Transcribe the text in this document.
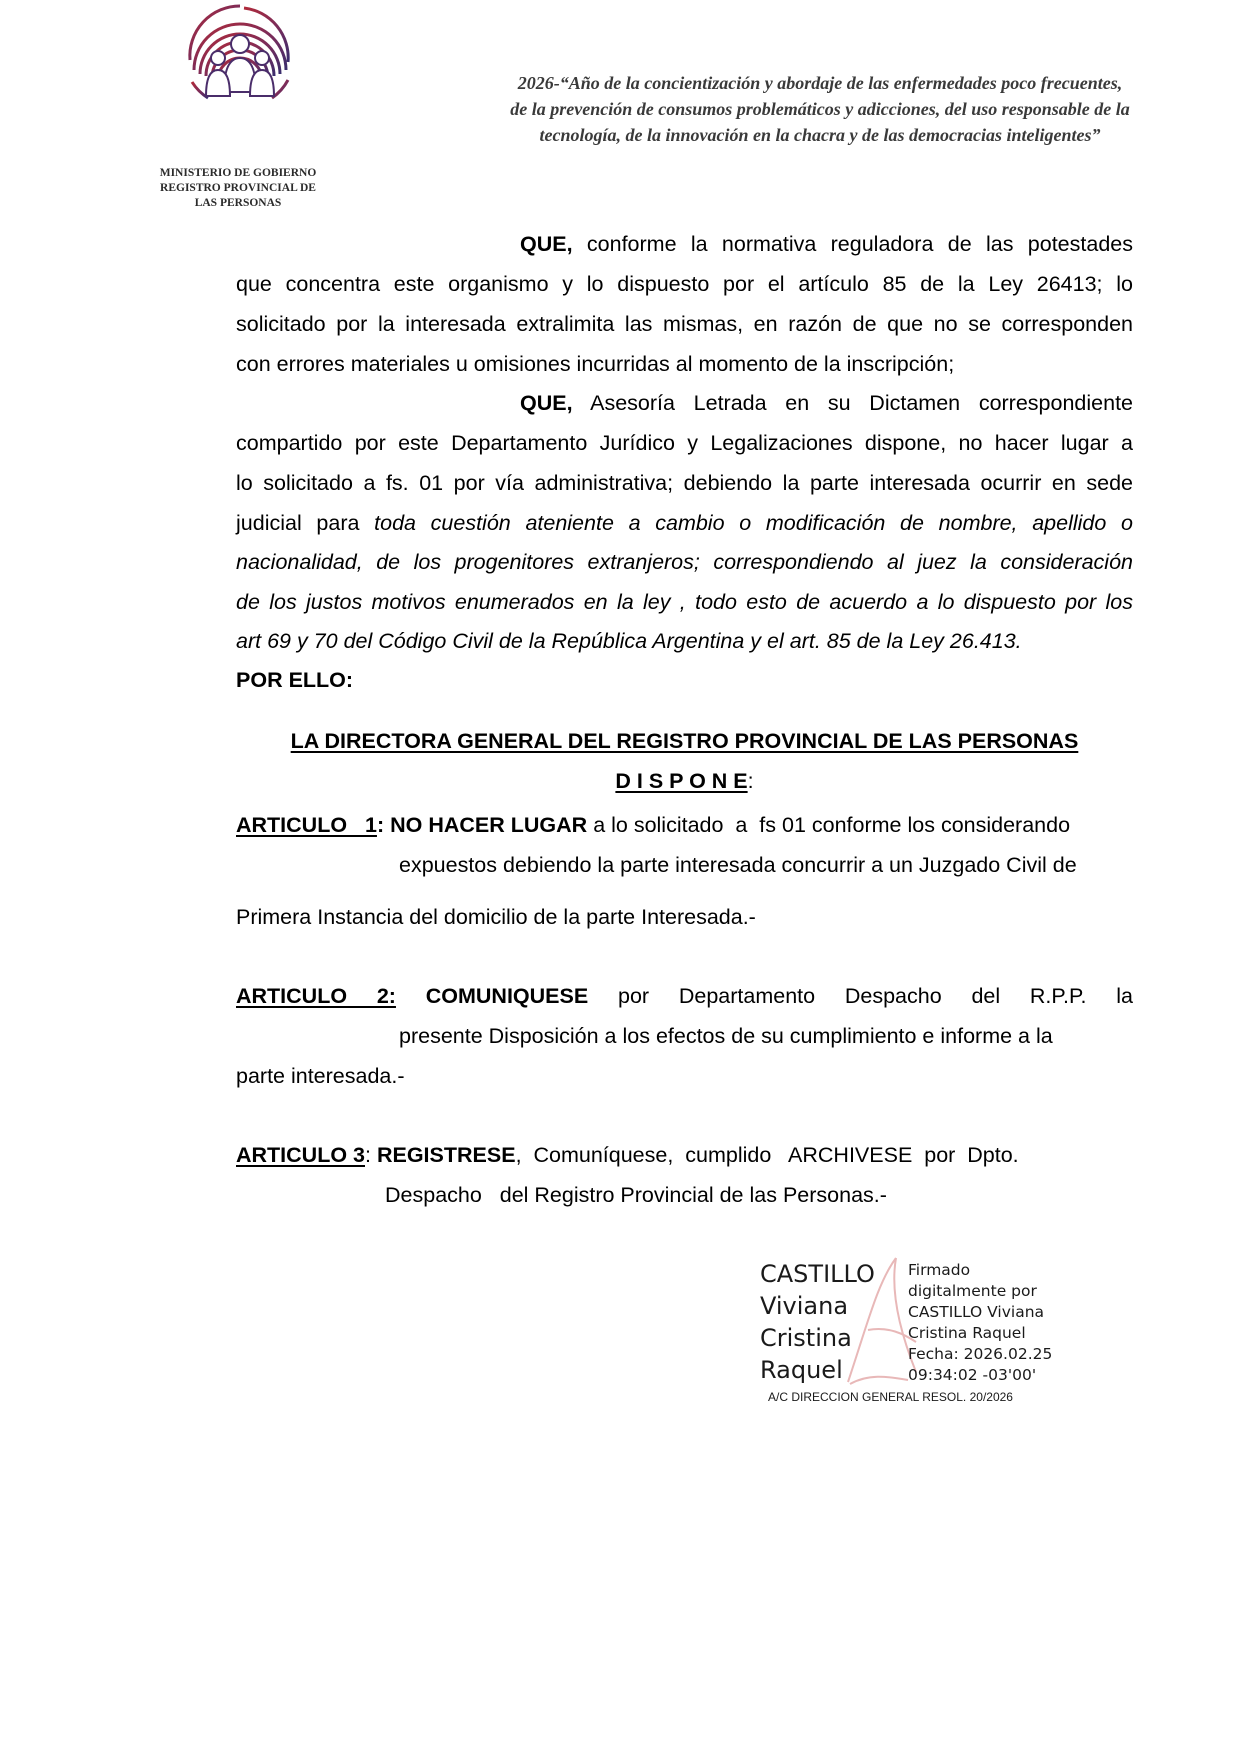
MINISTERIO DE GOBIERNO
REGISTRO PROVINCIAL DE
LAS PERSONAS
2026-“Año de la concientización y abordaje de las enfermedades poco frecuentes,
de la prevención de consumos problemáticos y adicciones, del uso responsable de la
tecnología, de la innovación en la chacra y de las democracias inteligentes”
QUE, conforme la normativa reguladora de las potestades
que concentra este organismo y lo dispuesto por el artículo 85 de la Ley 26413; lo
solicitado por la interesada extralimita las mismas, en razón de que no se corresponden
con errores materiales u omisiones incurridas al momento de la inscripción;
QUE, Asesoría Letrada en su Dictamen correspondiente
compartido por este Departamento Jurídico y Legalizaciones dispone, no hacer lugar a
lo solicitado a fs. 01 por vía administrativa; debiendo la parte interesada ocurrir en sede
judicial para toda cuestión ateniente a cambio o modificación de nombre, apellido o
nacionalidad, de los progenitores extranjeros; correspondiendo al juez la consideración
de los justos motivos enumerados en la ley , todo esto de acuerdo a lo dispuesto por los
art 69 y 70 del Código Civil de la República Argentina y el art. 85 de la Ley 26.413.
POR ELLO:
LA DIRECTORA GENERAL DEL REGISTRO PROVINCIAL DE LAS PERSONAS
D I S P O N E:
ARTICULO   1: NO HACER LUGAR a lo solicitado  a  fs 01 conforme los considerando
expuestos debiendo la parte interesada concurrir a un Juzgado Civil de
Primera Instancia del domicilio de la parte Interesada.-
ARTICULO 2: COMUNIQUESE por Departamento Despacho del R.P.P. la
presente Disposición a los efectos de su cumplimiento e informe a la
parte interesada.-
ARTICULO 3: REGISTRESE,  Comuníquese,  cumplido   ARCHIVESE  por  Dpto.
Despacho   del Registro Provincial de las Personas.-
CASTILLO
Viviana
Cristina
Raquel
Firmado
digitalmente por
CASTILLO Viviana
Cristina Raquel
Fecha: 2026.02.25
09:34:02 -03'00'
A/C DIRECCION GENERAL RESOL. 20/2026
